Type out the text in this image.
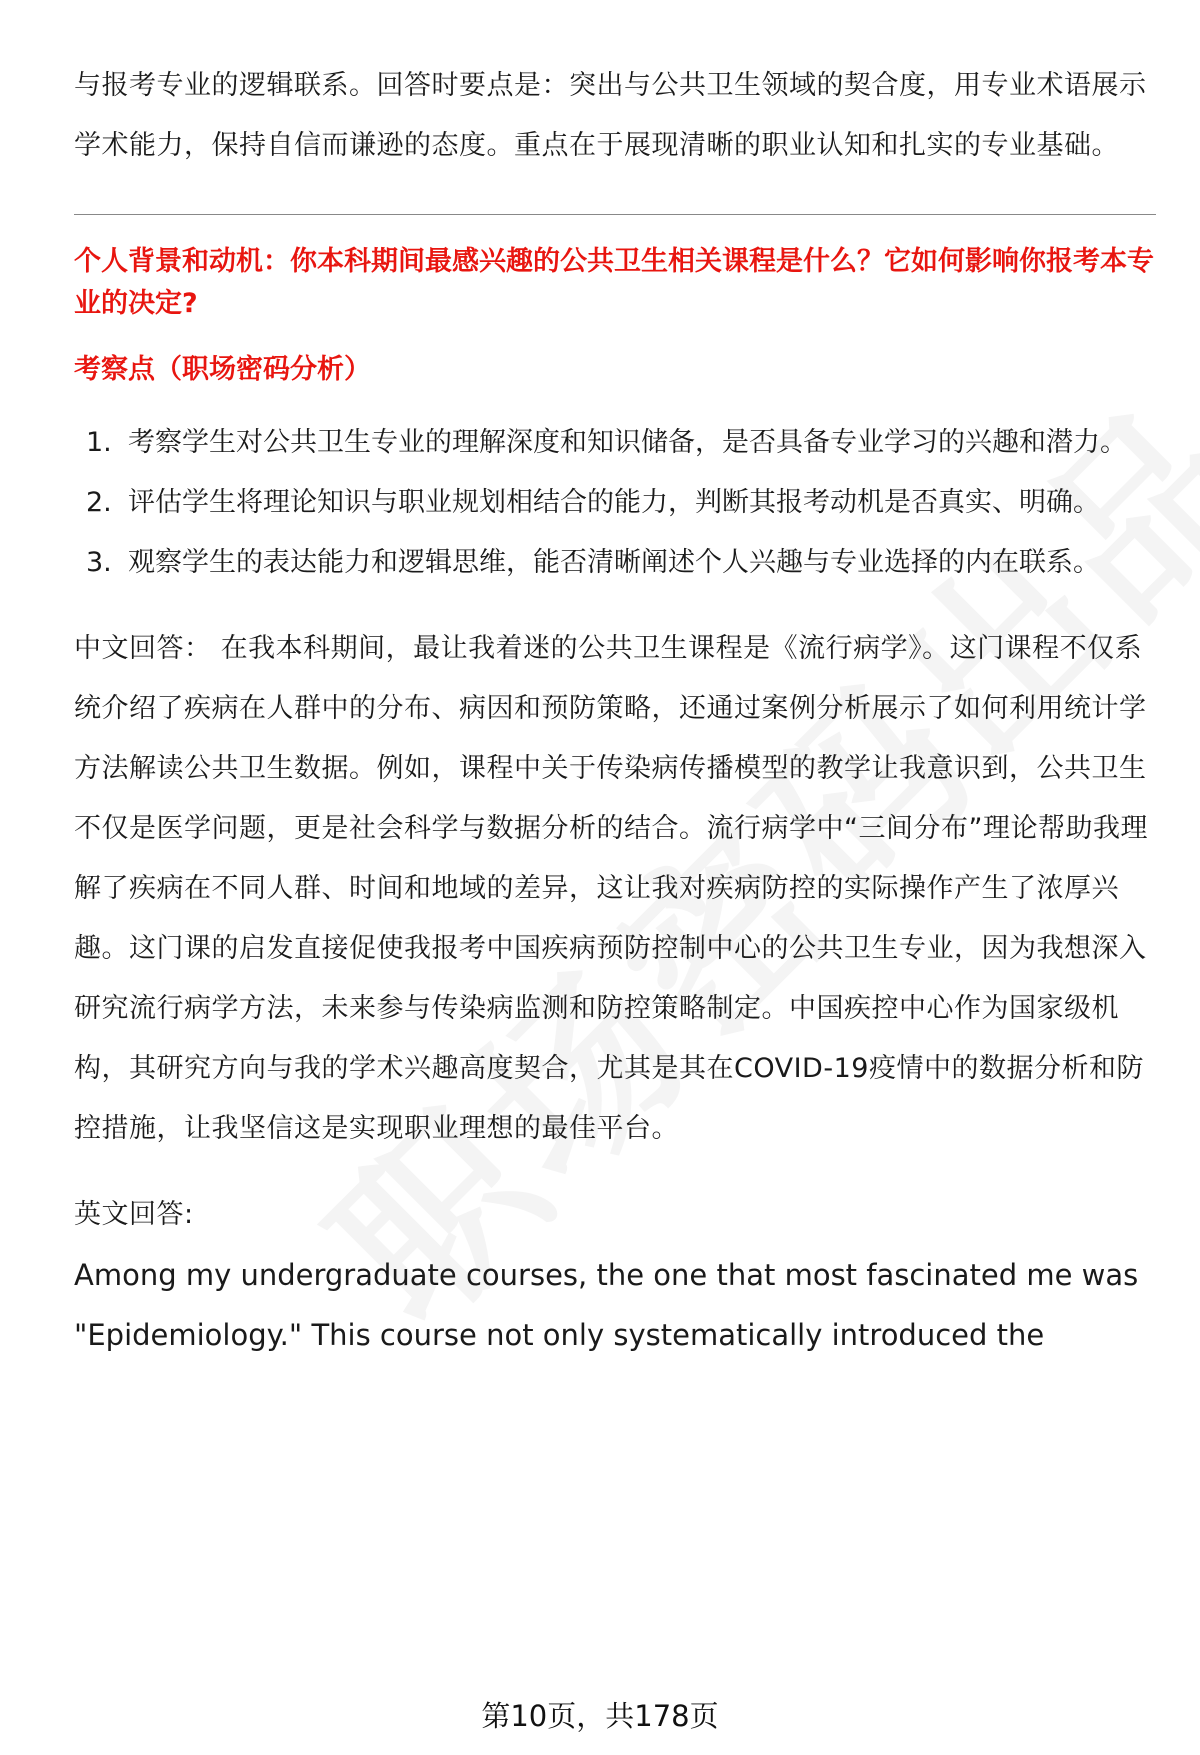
与报考专业的逻辑联系。回答时要点是：突出与公共卫生领域的契合度，用专业术语展示学术能力，保持自信而谦逊的态度。重点在于展现清晰的职业认知和扎实的专业基础。

个人背景和动机：你本科期间最感兴趣的公共卫生相关课程是什么？它如何影响你报考本专业的决定?

考察点（职场密码分析）

1. 考察学生对公共卫生专业的理解深度和知识储备，是否具备专业学习的兴趣和潜力。
2. 评估学生将理论知识与职业规划相结合的能力，判断其报考动机是否真实、明确。
3. 观察学生的表达能力和逻辑思维，能否清晰阐述个人兴趣与专业选择的内在联系。

中文回答： 在我本科期间，最让我着迷的公共卫生课程是《流行病学》。这门课程不仅系统介绍了疾病在人群中的分布、病因和预防策略，还通过案例分析展示了如何利用统计学方法解读公共卫生数据。例如，课程中关于传染病传播模型的教学让我意识到，公共卫生不仅是医学问题，更是社会科学与数据分析的结合。流行病学中“三间分布”理论帮助我理解了疾病在不同人群、时间和地域的差异，这让我对疾病防控的实际操作产生了浓厚兴趣。这门课的启发直接促使我报考中国疾病预防控制中心的公共卫生专业，因为我想深入研究流行病学方法，未来参与传染病监测和防控策略制定。中国疾控中心作为国家级机构，其研究方向与我的学术兴趣高度契合，尤其是其在COVID-19疫情中的数据分析和防控措施，让我坚信这是实现职业理想的最佳平台。

英文回答:

Among my undergraduate courses, the one that most fascinated me was "Epidemiology." This course not only systematically introduced the

第10页，共178页
